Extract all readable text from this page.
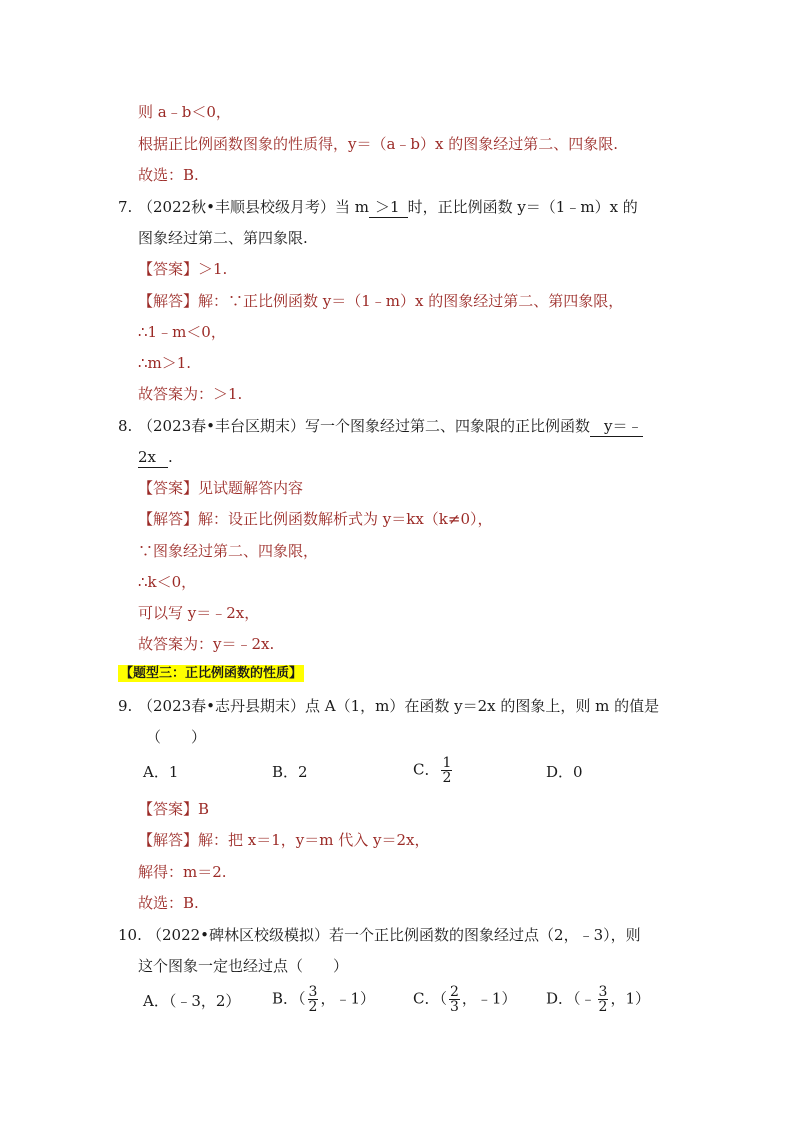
则 a﹣b＜0，
根据正比例函数图象的性质得，y＝（a﹣b）x 的图象经过第二、四象限.
故选：B.
7. （2022秋•丰顺县校级月考）当 m ＞1 时，正比例函数 y＝（1﹣m）x 的
图象经过第二、第四象限.
【答案】＞1.
【解答】解：∵正比例函数 y＝（1﹣m）x 的图象经过第二、第四象限，
∴1﹣m＜0，
∴m＞1.
故答案为：＞1.
8. （2023春•丰台区期末）写一个图象经过第二、四象限的正比例函数 y＝﹣
2x .
【答案】见试题解答内容
【解答】解：设正比例函数解析式为 y＝kx（k≠0），
∵图象经过第二、四象限，
∴k＜0，
可以写 y＝﹣2x，
故答案为：y＝﹣2x.
【题型三：正比例函数的性质】
9. （2023春•志丹县期末）点 A（1，m）在函数 y＝2x 的图象上，则 m 的值是
（　　）
A．1	B．2	C． $\frac{1}{2}$	D．0
【答案】B
【解答】解：把 x＝1，y＝m 代入 y＝2x，
解得：m＝2.
故选：B.
10. （2022•碑林区校级模拟）若一个正比例函数的图象经过点（2，﹣3），则
这个图象一定也经过点（　　）
A．（﹣3，2） B．（ $\frac{3}{2}$ ，﹣1）	C．（ $\frac{2}{3}$ ，﹣1） D．（﹣ $\frac{3}{2}$ ，1）
